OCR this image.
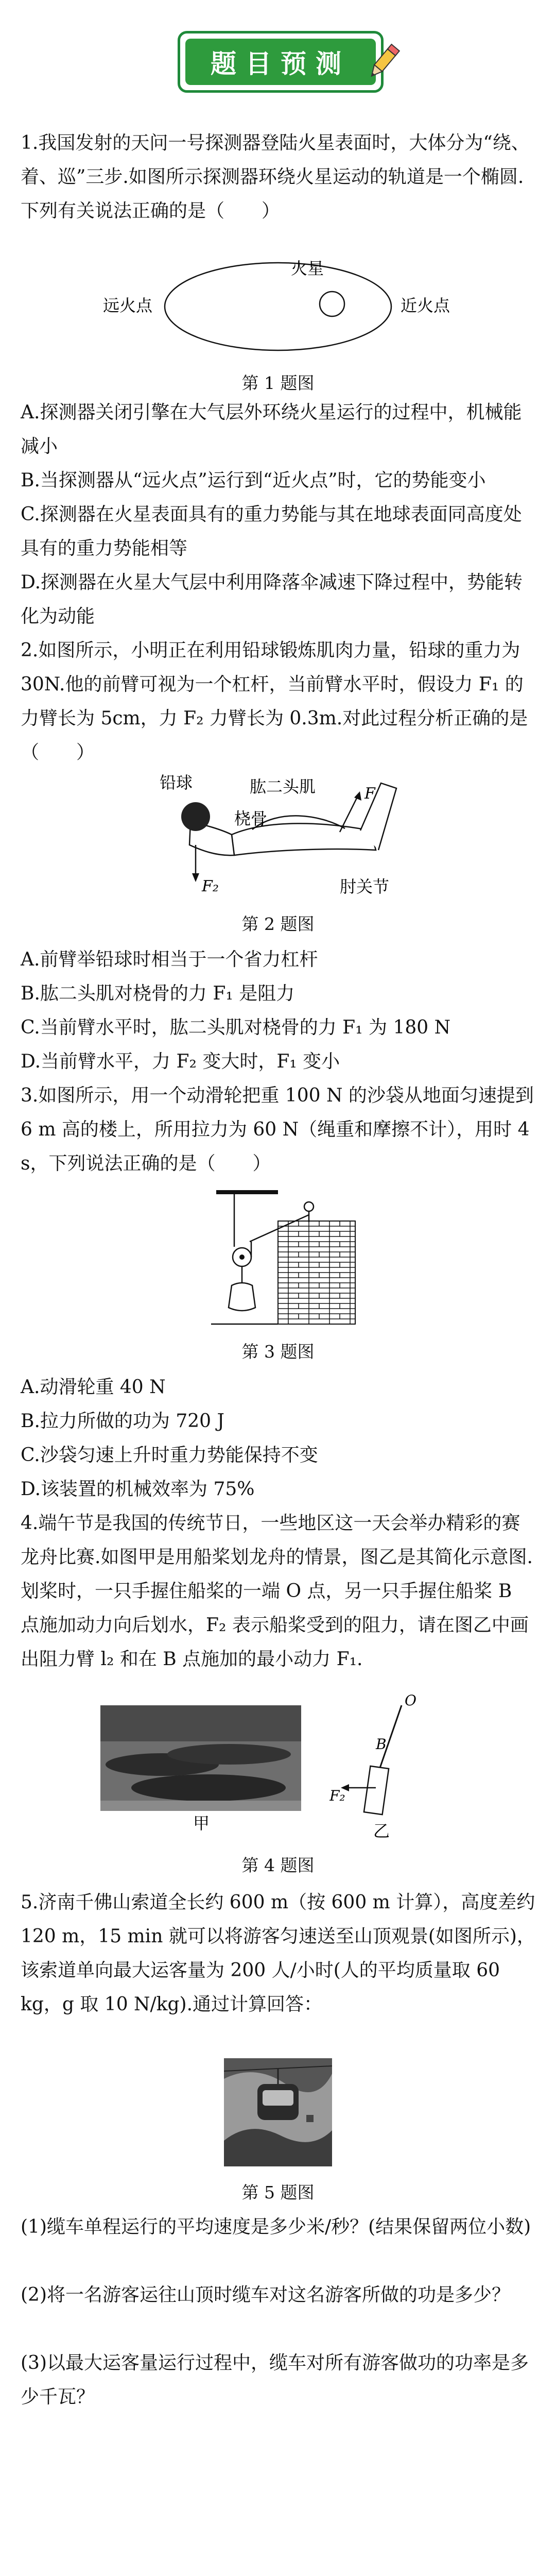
题目预测
1.我国发射的天问一号探测器登陆火星表面时，大体分为“绕、着、巡”三步.如图所示探测器环绕火星运动的轨道是一个椭圆.下列有关说法正确的是（　　）
火星
远火点	近火点
第 1 题图
A.探测器关闭引擎在大气层外环绕火星运行的过程中，机械能减小
B.当探测器从“远火点”运行到“近火点”时，它的势能变小
C.探测器在火星表面具有的重力势能与其在地球表面同高度处具有的重力势能相等
D.探测器在火星大气层中利用降落伞减速下降过程中，势能转化为动能
2.如图所示，小明正在利用铅球锻炼肌肉力量，铅球的重力为 30N.他的前臂可视为一个杠杆，当前臂水平时，假设力 F₁ 的力臂长为 5cm，力 F₂ 力臂长为 0.3m.对此过程分析正确的是（　　）
铅球	肱二头肌
桡骨
肘关节
F
F₂
第 2 题图
A.前臂举铅球时相当于一个省力杠杆
B.肱二头肌对桡骨的力 F₁ 是阻力
C.当前臂水平时，肱二头肌对桡骨的力 F₁ 为 180 N
D.当前臂水平，力 F₂ 变大时，F₁ 变小
3.如图所示，用一个动滑轮把重 100 N 的沙袋从地面匀速提到 6 m 高的楼上，所用拉力为 60 N（绳重和摩擦不计），用时 4 s，下列说法正确的是（　　）
第 3 题图
A.动滑轮重 40 N
B.拉力所做的功为 720 J
C.沙袋匀速上升时重力势能保持不变
D.该装置的机械效率为 75%
4.端午节是我国的传统节日，一些地区这一天会举办精彩的赛龙舟比赛.如图甲是用船桨划龙舟的情景，图乙是其简化示意图.划桨时，一只手握住船桨的一端 O 点，另一只手握住船桨 B 点施加动力向后划水，F₂ 表示船桨受到的阻力，请在图乙中画出阻力臂 l₂ 和在 B 点施加的最小动力 F₁.
甲
O
B
F₂
乙
第 4 题图
5.济南千佛山索道全长约 600 m（按 600 m 计算），高度差约 120 m，15 min 就可以将游客匀速送至山顶观景(如图所示)，该索道单向最大运客量为 200 人/小时(人的平均质量取 60 kg，g 取 10 N/kg).通过计算回答：
第 5 题图
(1)缆车单程运行的平均速度是多少米/秒？(结果保留两位小数)
(2)将一名游客运往山顶时缆车对这名游客所做的功是多少？
(3)以最大运客量运行过程中，缆车对所有游客做功的功率是多少千瓦？
